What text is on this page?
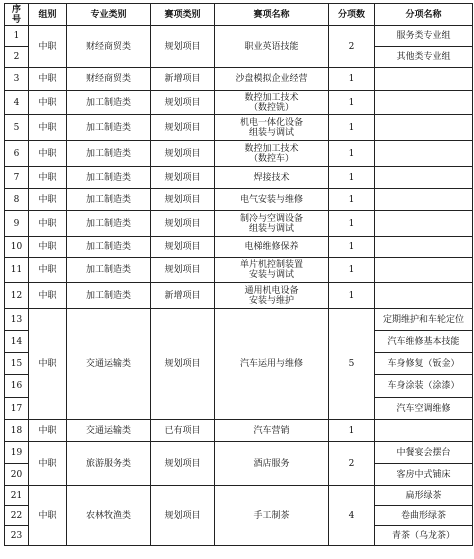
序
号	组别	专业类别	赛项类别	赛项名称	分项数	分项名称
1	中职	财经商贸类	规划项目	职业英语技能	2	服务类专业组
2						其他类专业组
3	中职	财经商贸类	新增项目	沙盘模拟企业经营	1	
4	中职	加工制造类	规划项目	数控加工技术
（数控铣）	1	
5	中职	加工制造类	规划项目	机电一体化设备
组装与调试	1	
6	中职	加工制造类	规划项目	数控加工技术
（数控车）	1	
7	中职	加工制造类	规划项目	焊接技术	1	
8	中职	加工制造类	规划项目	电气安装与维修	1	
9	中职	加工制造类	规划项目	制冷与空调设备
组装与调试	1	
10	中职	加工制造类	规划项目	电梯维修保养	1	
11	中职	加工制造类	规划项目	单片机控制装置
安装与调试	1	
12	中职	加工制造类	新增项目	通用机电设备
安装与维护	1	
13	中职	交通运输类	规划项目	汽车运用与维修	5	定期维护和车轮定位
14						汽车维修基本技能
15						车身修复（钣金）
16						车身涂装（涂漆）
17						汽车空调维修
18	中职	交通运输类	已有项目	汽车营销	1	
19	中职	旅游服务类	规划项目	酒店服务	2	中餐宴会摆台
20						客房中式铺床
21	中职	农林牧渔类	规划项目	手工制茶	4	扁形绿茶
22						卷曲形绿茶
23						青茶（乌龙茶）
